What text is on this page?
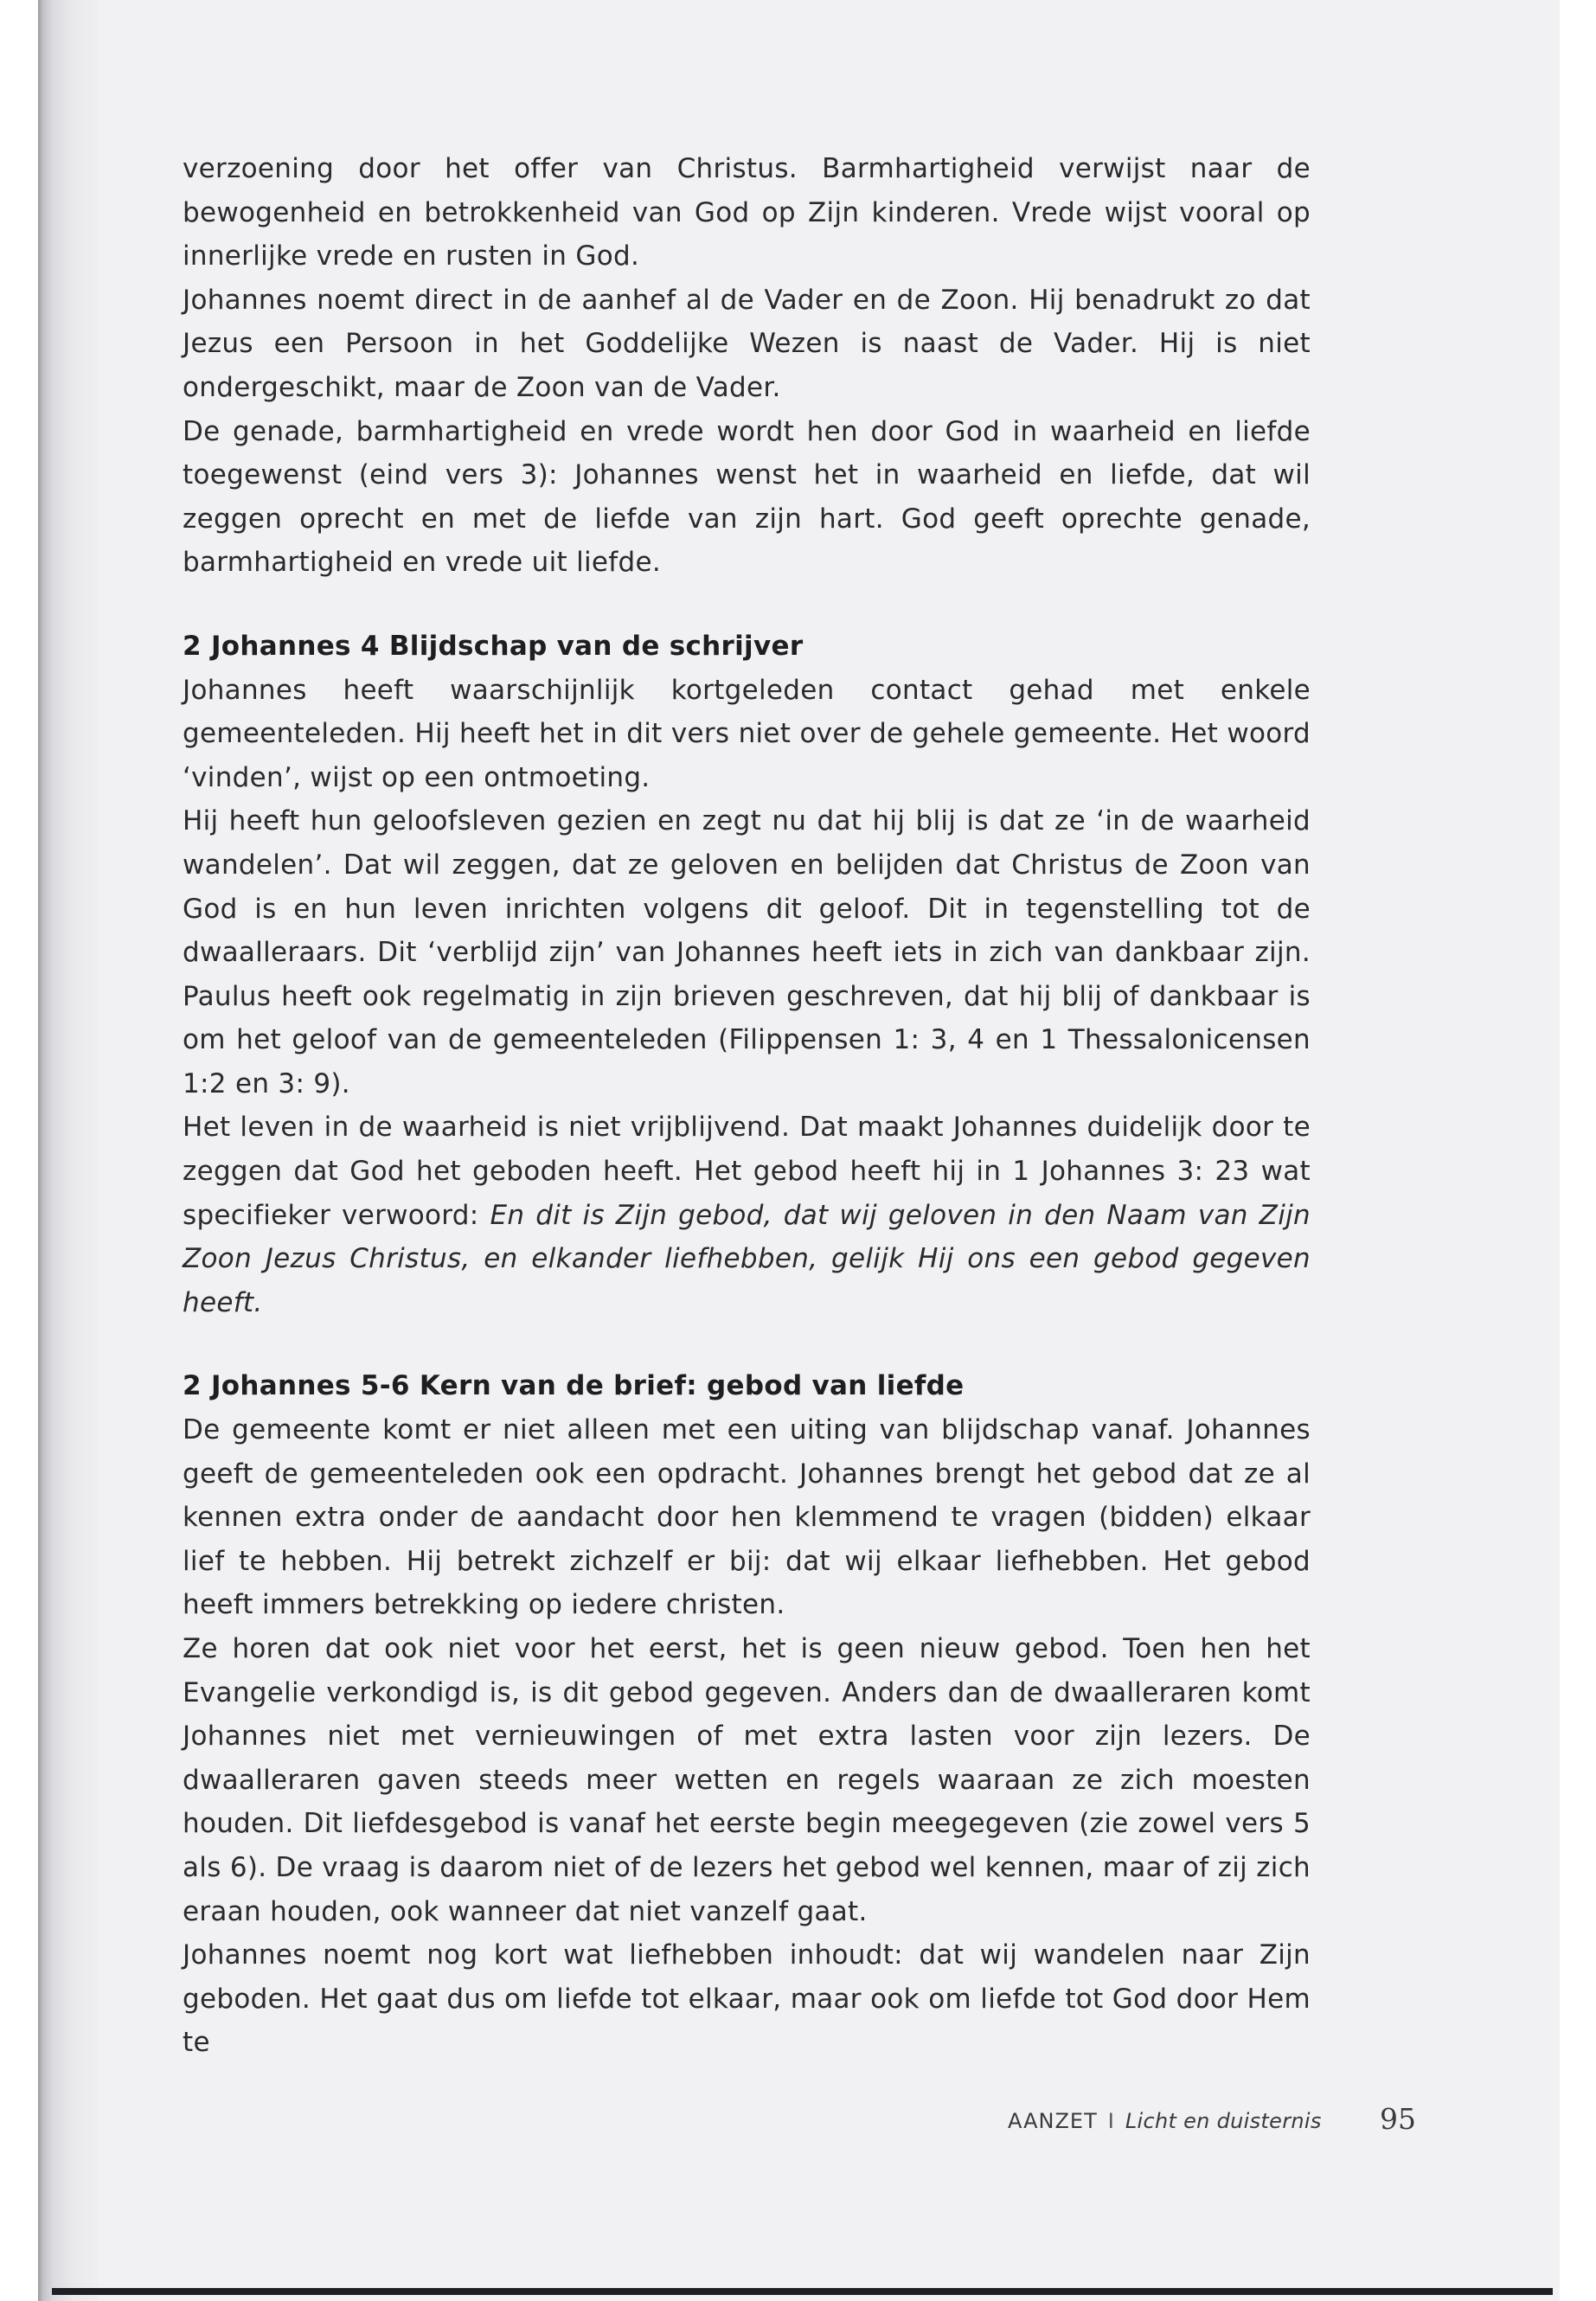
verzoening door het offer van Christus. Barmhartigheid verwijst naar de bewogenheid en betrokkenheid van God op Zijn kinderen. Vrede wijst vooral op innerlijke vrede en rusten in God.

Johannes noemt direct in de aanhef al de Vader en de Zoon. Hij benadrukt zo dat Jezus een Persoon in het Goddelijke Wezen is naast de Vader. Hij is niet ondergeschikt, maar de Zoon van de Vader.

De genade, barmhartigheid en vrede wordt hen door God in waarheid en liefde toegewenst (eind vers 3): Johannes wenst het in waarheid en liefde, dat wil zeggen oprecht en met de liefde van zijn hart. God geeft oprechte genade, barmhartigheid en vrede uit liefde.

2 Johannes 4 Blijdschap van de schrijver

Johannes heeft waarschijnlijk kortgeleden contact gehad met enkele gemeenteleden. Hij heeft het in dit vers niet over de gehele gemeente. Het woord ‘vinden’, wijst op een ontmoeting.

Hij heeft hun geloofsleven gezien en zegt nu dat hij blij is dat ze ‘in de waarheid wandelen’. Dat wil zeggen, dat ze geloven en belijden dat Christus de Zoon van God is en hun leven inrichten volgens dit geloof. Dit in tegenstelling tot de dwaalleraars. Dit ‘verblijd zijn’ van Johannes heeft iets in zich van dankbaar zijn. Paulus heeft ook regelmatig in zijn brieven geschreven, dat hij blij of dankbaar is om het geloof van de gemeenteleden (Filippensen 1: 3, 4 en 1 Thessalonicensen 1:2 en 3: 9).

Het leven in de waarheid is niet vrijblijvend. Dat maakt Johannes duidelijk door te zeggen dat God het geboden heeft. Het gebod heeft hij in 1 Johannes 3: 23 wat specifieker verwoord: En dit is Zijn gebod, dat wij geloven in den Naam van Zijn Zoon Jezus Christus, en elkander liefhebben, gelijk Hij ons een gebod gegeven heeft.

2 Johannes 5-6 Kern van de brief: gebod van liefde

De gemeente komt er niet alleen met een uiting van blijdschap vanaf. Johannes geeft de gemeenteleden ook een opdracht. Johannes brengt het gebod dat ze al kennen extra onder de aandacht door hen klemmend te vragen (bidden) elkaar lief te hebben. Hij betrekt zichzelf er bij: dat wij elkaar liefhebben. Het gebod heeft immers betrekking op iedere christen.

Ze horen dat ook niet voor het eerst, het is geen nieuw gebod. Toen hen het Evangelie verkondigd is, is dit gebod gegeven. Anders dan de dwaalleraren komt Johannes niet met vernieuwingen of met extra lasten voor zijn lezers. De dwaalleraren gaven steeds meer wetten en regels waaraan ze zich moesten houden. Dit liefdesgebod is vanaf het eerste begin meegegeven (zie zowel vers 5 als 6). De vraag is daarom niet of de lezers het gebod wel kennen, maar of zij zich eraan houden, ook wanneer dat niet vanzelf gaat.

Johannes noemt nog kort wat liefhebben inhoudt: dat wij wandelen naar Zijn geboden. Het gaat dus om liefde tot elkaar, maar ook om liefde tot God door Hem te

AANZET I Licht en duisternis 95
